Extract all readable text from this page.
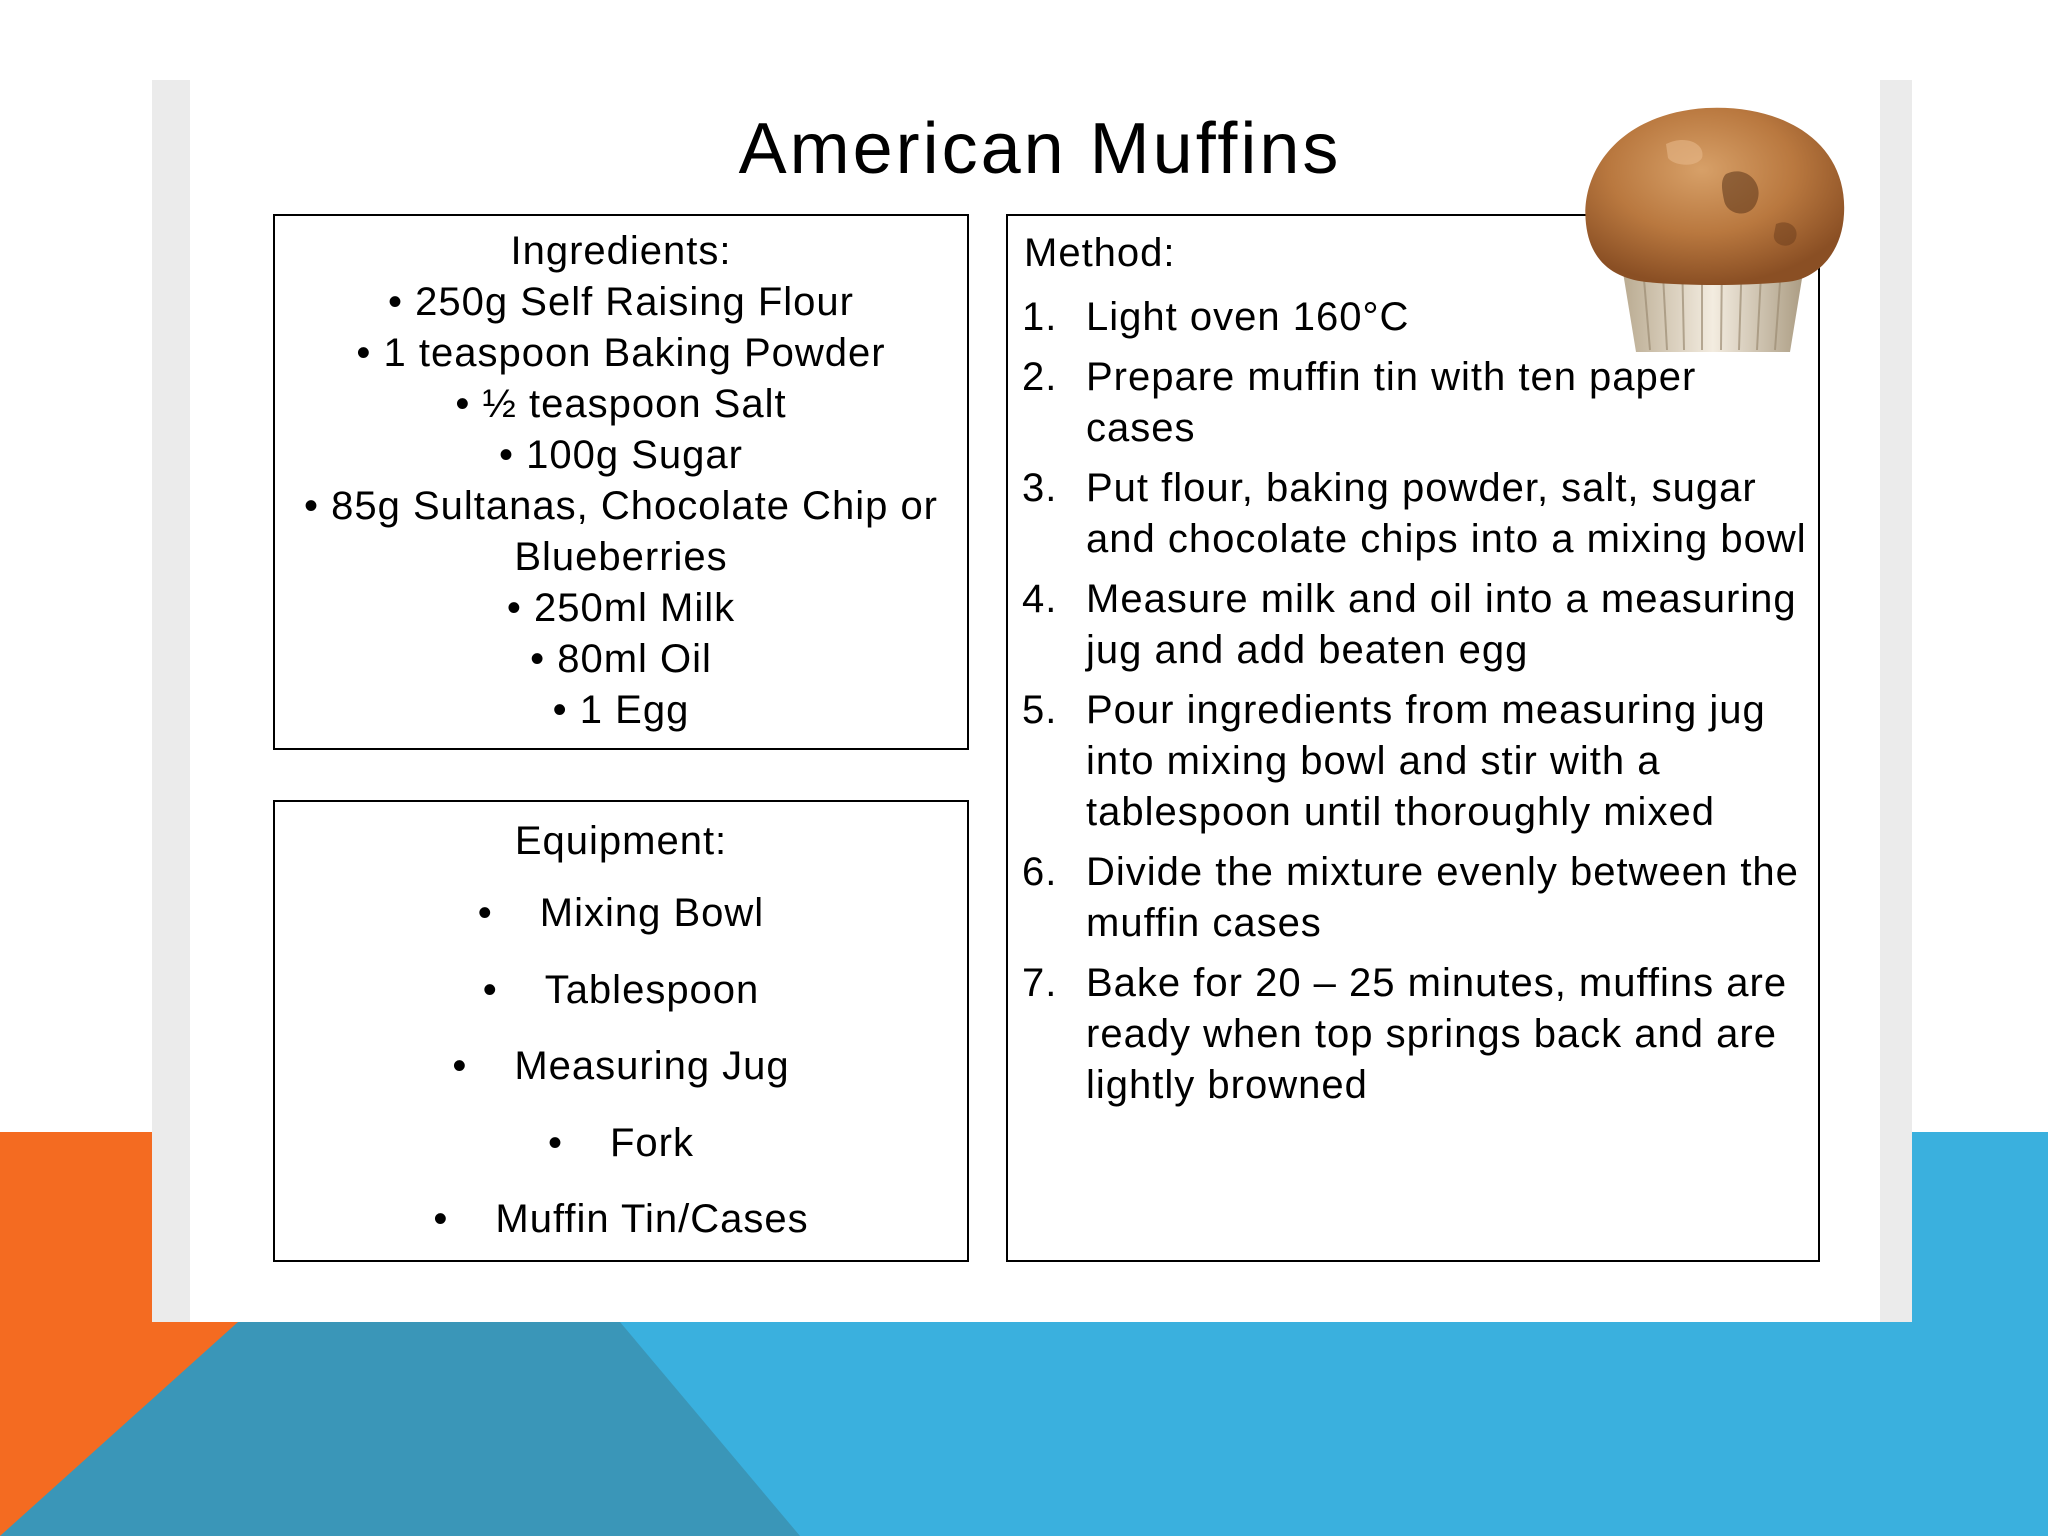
American Muffins
Ingredients:
• 250g Self Raising Flour
• 1 teaspoon Baking Powder
• ½ teaspoon Salt
• 100g Sugar
• 85g Sultanas, Chocolate Chip or Blueberries
• 250ml Milk
• 80ml Oil
• 1 Egg
Equipment:
• Mixing Bowl
• Tablespoon
• Measuring Jug
• Fork
• Muffin Tin/Cases
Method:
1. Light oven 160°C
2. Prepare muffin tin with ten paper cases
3. Put flour, baking powder, salt, sugar and chocolate chips into a mixing bowl
4. Measure milk and oil into a measuring jug and add beaten egg
5. Pour ingredients from measuring jug into mixing bowl and stir with a tablespoon until thoroughly mixed
6. Divide the mixture evenly between the muffin cases
7. Bake for 20 – 25 minutes, muffins are ready when top springs back and are lightly browned
